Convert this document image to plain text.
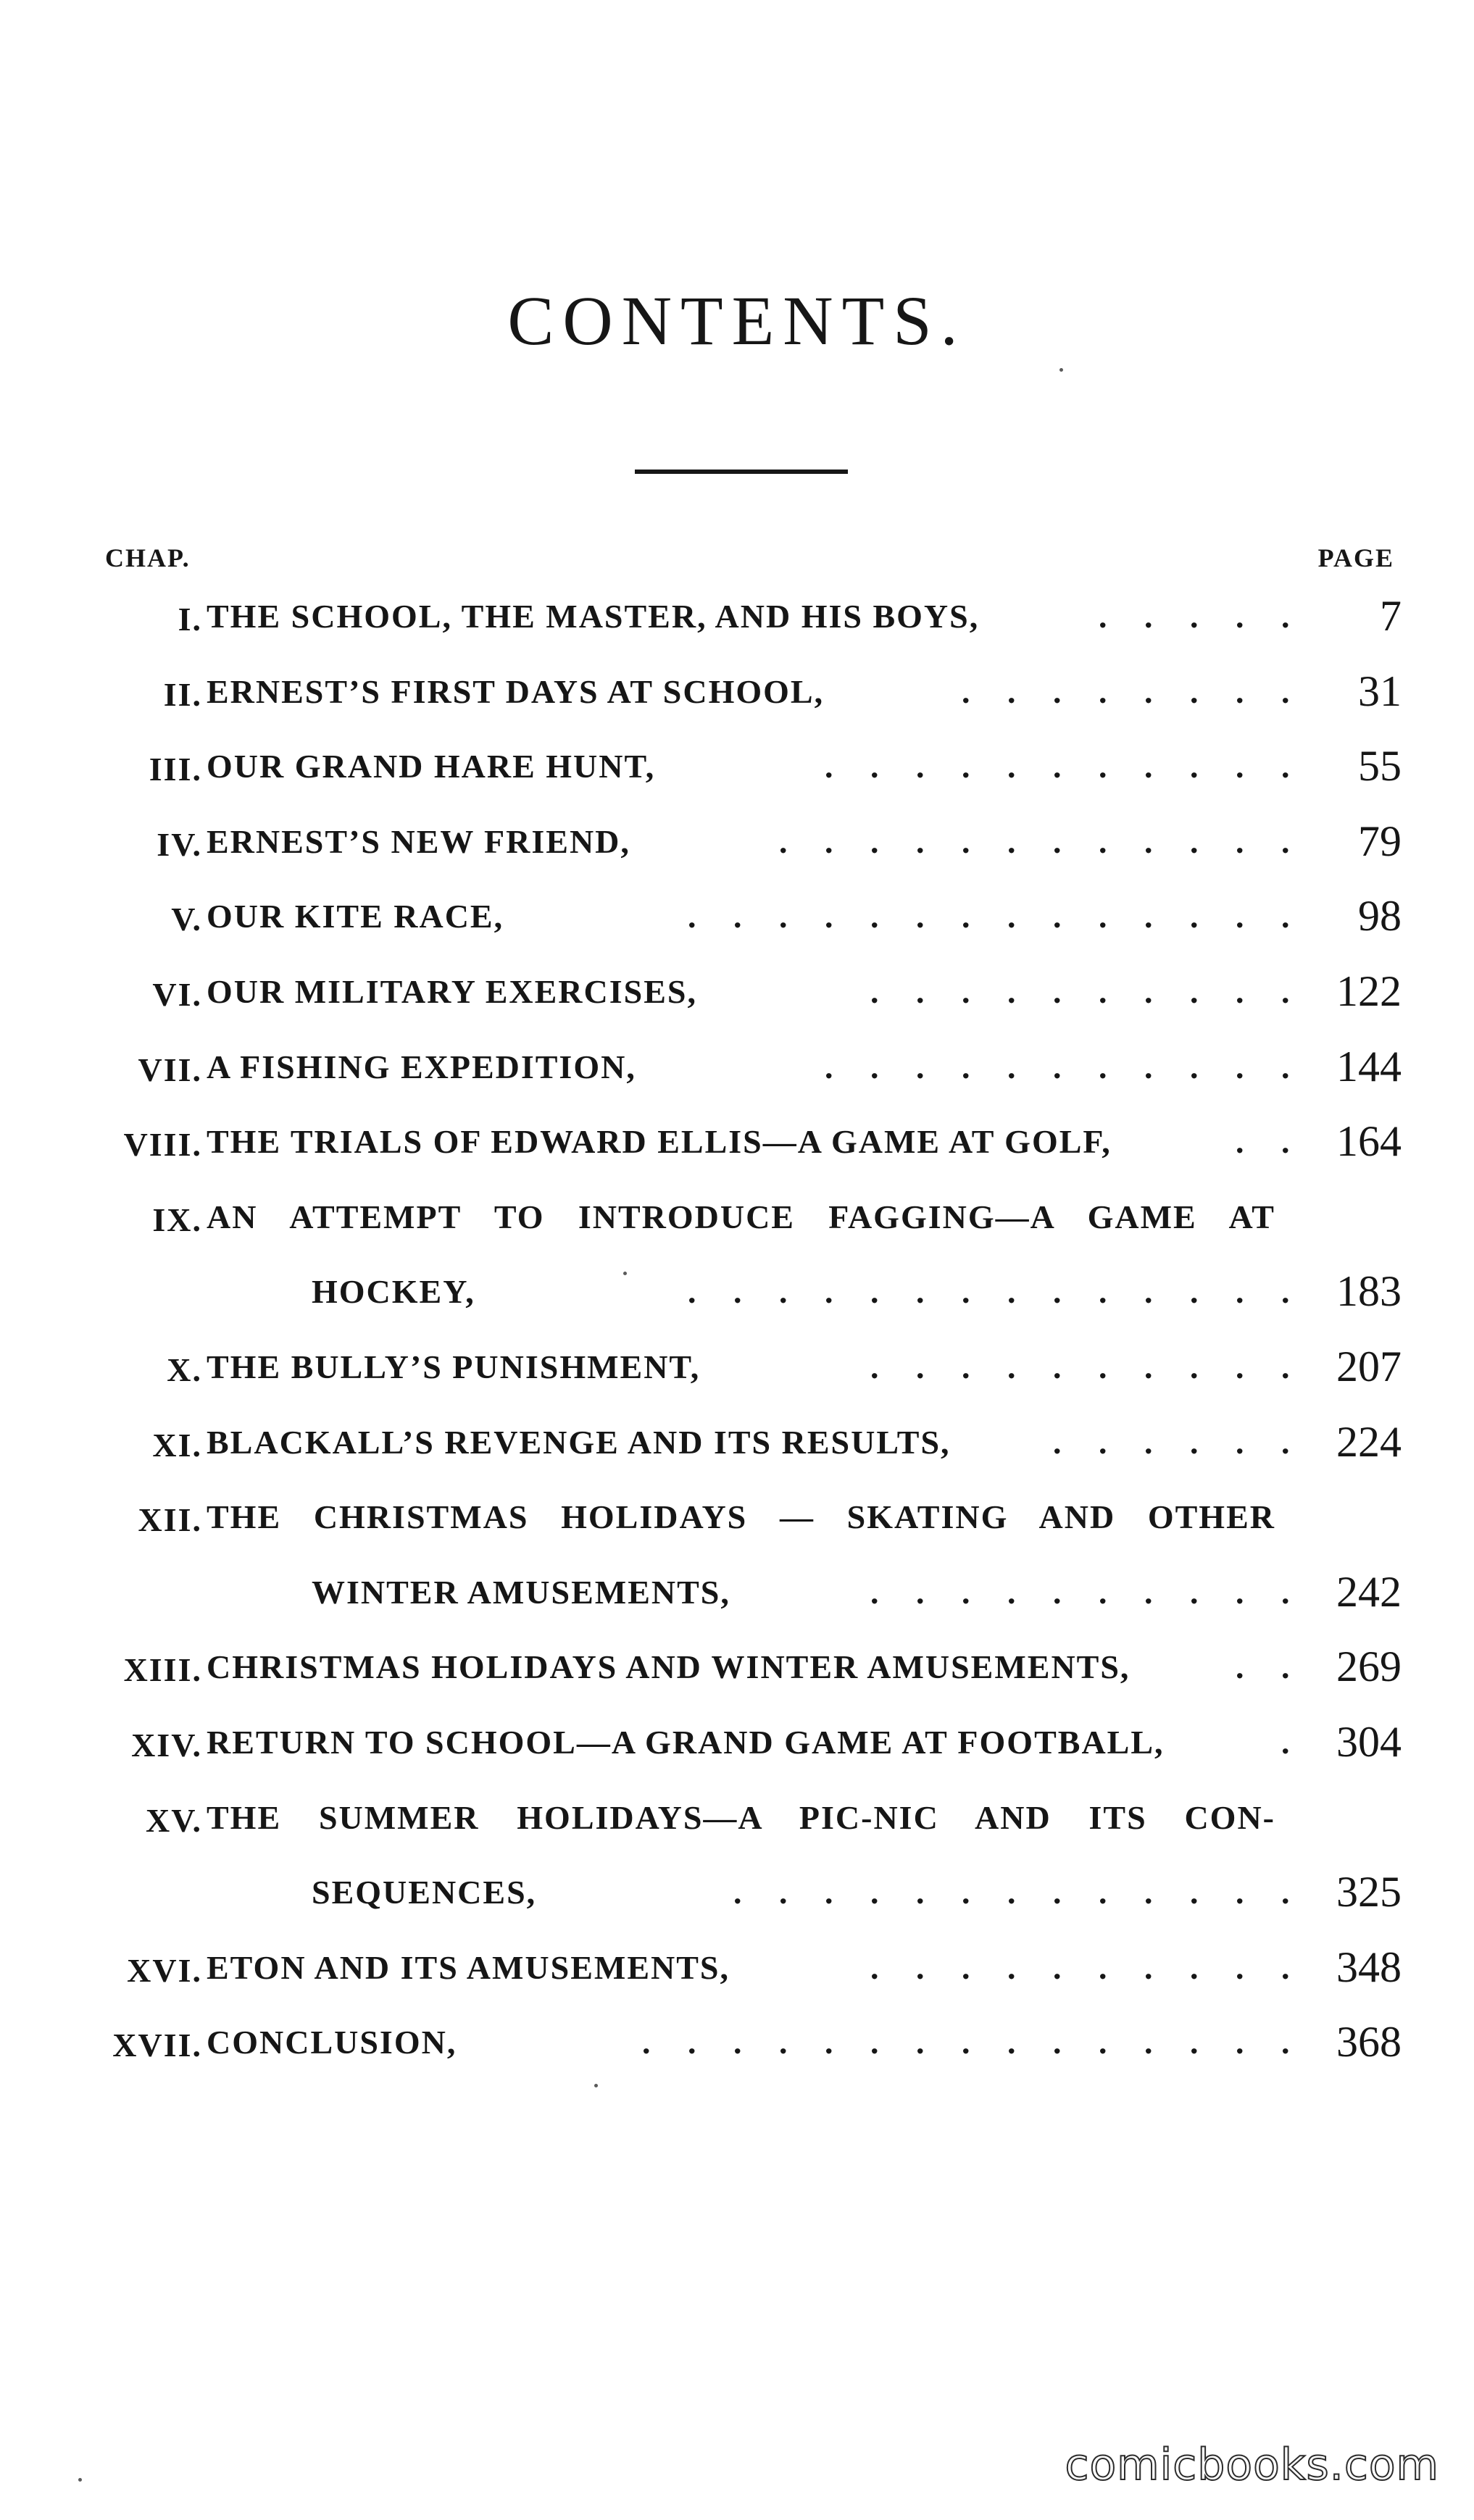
CONTENTS.
CHAP.	PAGE
I. THE SCHOOL, THE MASTER, AND HIS BOYS,	. . . . . 7
II. ERNEST’S FIRST DAYS AT SCHOOL,	. . . . . . . . 31
III. OUR GRAND HARE HUNT,	. . . . . . . . . . . 55
IV. ERNEST’S NEW FRIEND,	. . . . . . . . . . . . 79
V. OUR KITE RACE,	. . . . . . . . . . . . . . 98
VI. OUR MILITARY EXERCISES,	. . . . . . . . . . 122
VII. A FISHING EXPEDITION,	. . . . . . . . . . . 144
VIII. THE TRIALS OF EDWARD ELLIS—A GAME AT GOLF,	. . 164
IX. AN ATTEMPT TO INTRODUCE FAGGING—A GAME AT
HOCKEY,	. . . . . . . . . . . . . . 183
X. THE BULLY’S PUNISHMENT,	. . . . . . . . . . 207
XI. BLACKALL’S REVENGE AND ITS RESULTS,	. . . . . . 224
XII. THE CHRISTMAS HOLIDAYS — SKATING AND OTHER
WINTER AMUSEMENTS,	. . . . . . . . . . 242
XIII. CHRISTMAS HOLIDAYS AND WINTER AMUSEMENTS,	. . 269
XIV. RETURN TO SCHOOL—A GRAND GAME AT FOOTBALL,	. 304
XV. THE SUMMER HOLIDAYS—A PIC-NIC AND ITS CON-
SEQUENCES,	. . . . . . . . . . . . . 325
XVI. ETON AND ITS AMUSEMENTS,	. . . . . . . . . . 348
XVII. CONCLUSION,	. . . . . . . . . . . . . . . 368
comicbooks.com
